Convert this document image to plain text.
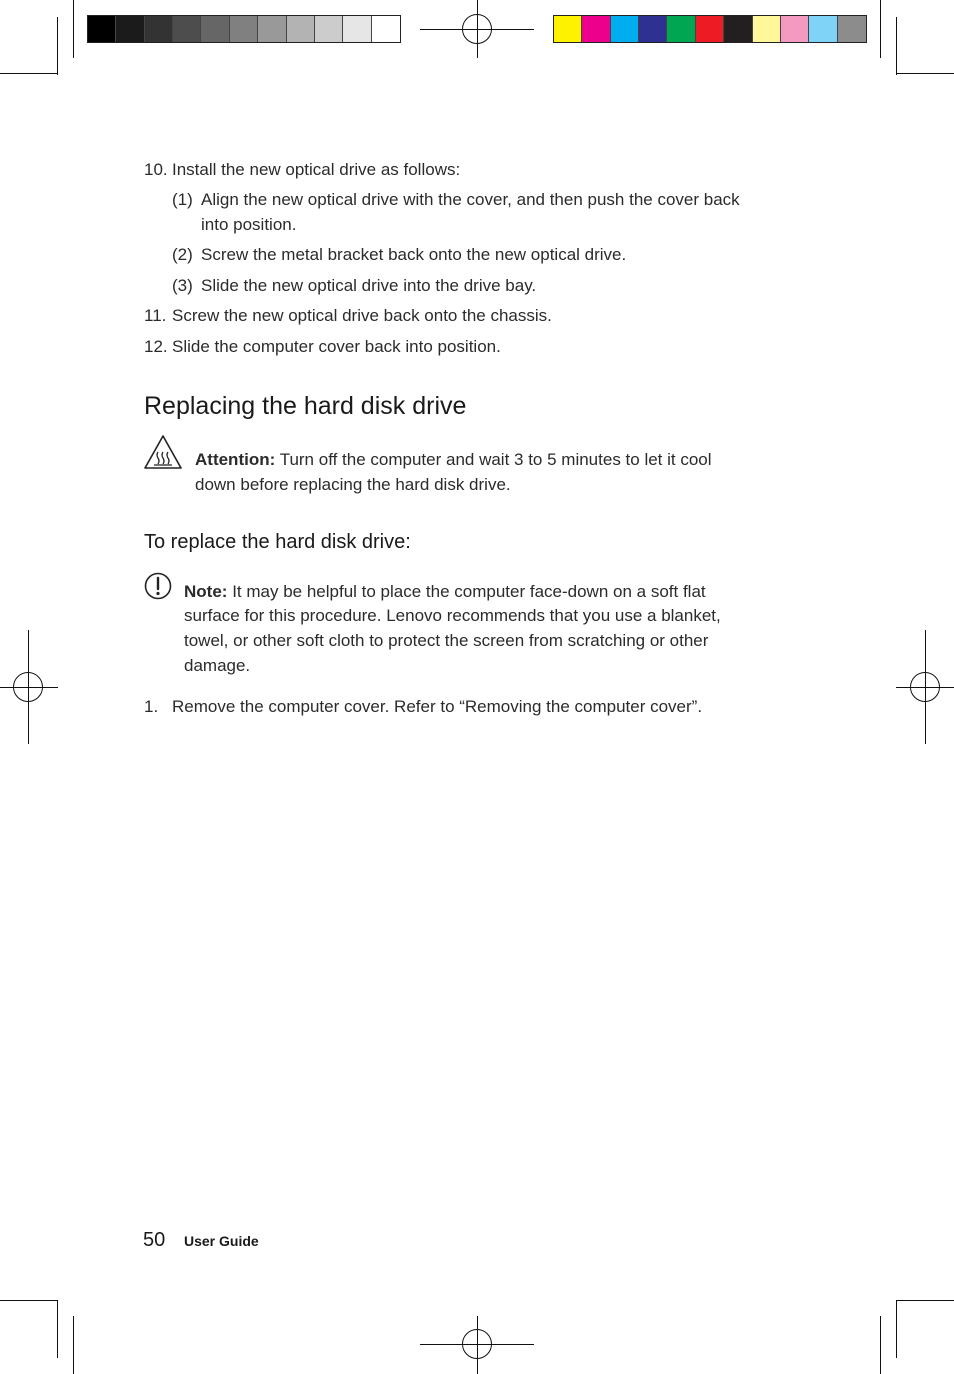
10. Install the new optical drive as follows:
(1) Align the new optical drive with the cover, and then push the cover back
into position.
(2) Screw the metal bracket back onto the new optical drive.
(3) Slide the new optical drive into the drive bay.
11. Screw the new optical drive back onto the chassis.
12. Slide the computer cover back into position.
Replacing the hard disk drive
Attention: Turn off the computer and wait 3 to 5 minutes to let it cool
down before replacing the hard disk drive.
To replace the hard disk drive:
Note: It may be helpful to place the computer face-down on a soft flat
surface for this procedure. Lenovo recommends that you use a blanket,
towel, or other soft cloth to protect the screen from scratching or other
damage.
1. Remove the computer cover. Refer to “Removing the computer cover”.
50 User Guide
